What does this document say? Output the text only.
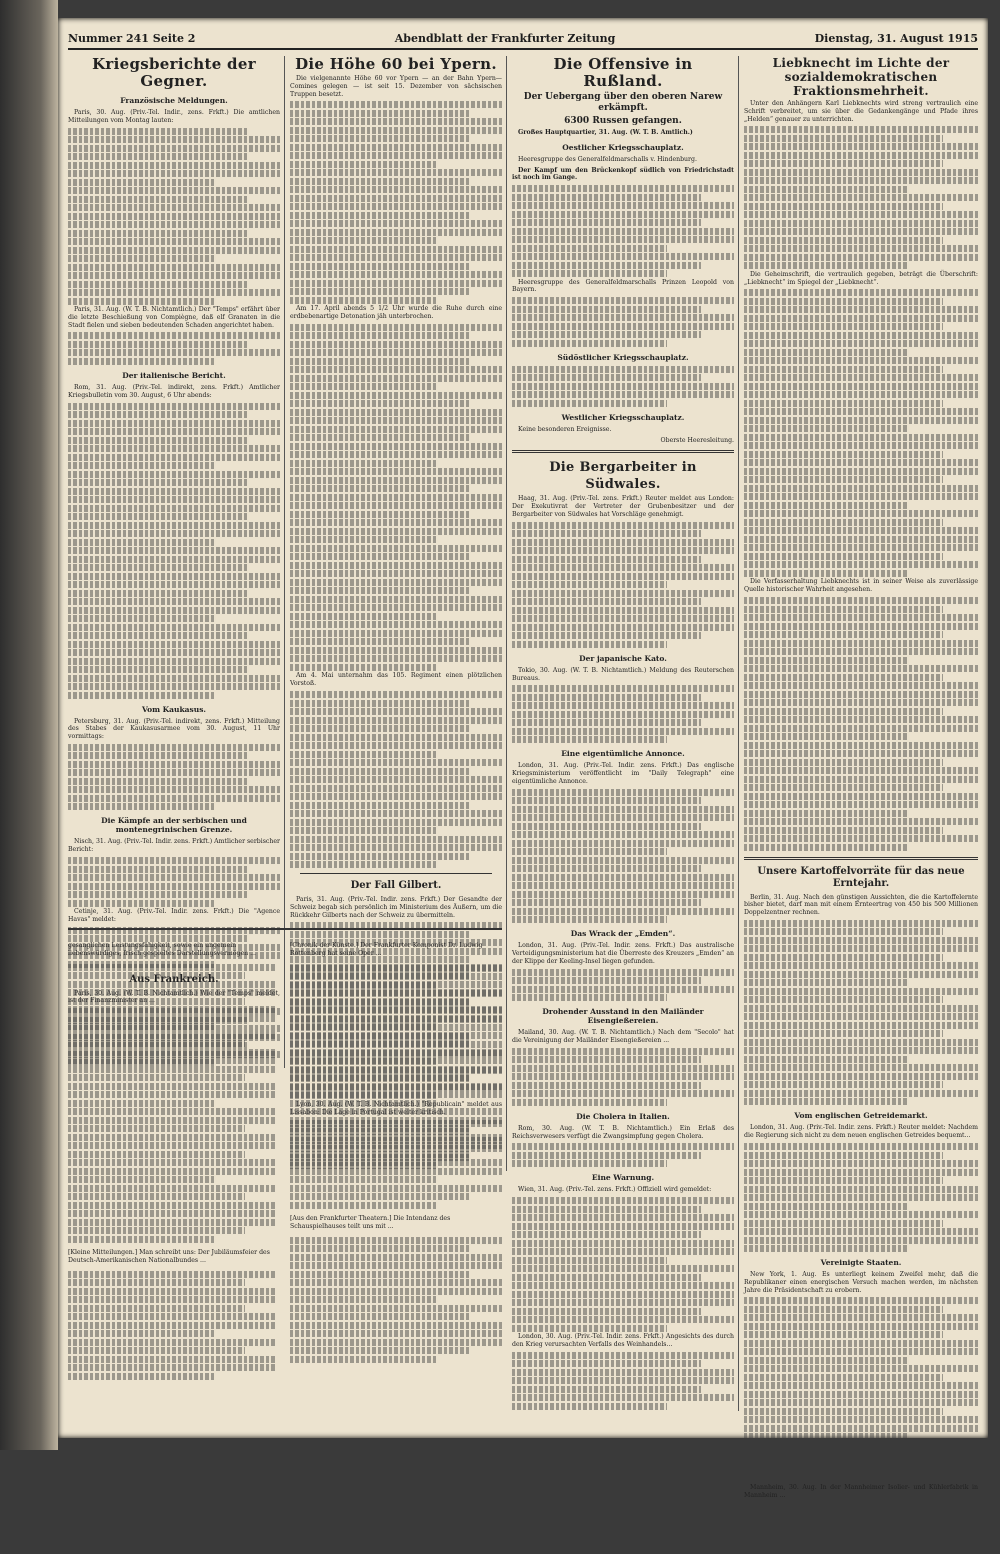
Nummer 241 Seite 2	Abendblatt der Frankfurter Zeitung	Dienstag, 31. August 1915
Kriegsberichte der Gegner.
Französische Meldungen.

Paris, 30. Aug. (Priv.-Tel. Indir., zens. Frkft.) Die amtlichen Mitteilungen vom Montag lauten:

Paris, 31. Aug. (W. T. B. Nichtamtlich.) Der "Temps" erfährt über die letzte Beschießung von Compiègne, daß elf Granaten in die Stadt fielen und sieben bedeutenden Schaden angerichtet haben.

Der italienische Bericht.

Rom, 31. Aug. (Priv.-Tel. indirekt, zens. Frkft.) Amtlicher Kriegsbulletin vom 30. August, 6 Uhr abends:

Vom Kaukasus.

Petersburg, 31. Aug. (Priv.-Tel. indirekt, zens. Frkft.) Mitteilung des Stabes der Kaukasusarmee vom 30. August, 11 Uhr vormittags:

Die Kämpfe an der serbischen und montenegrinischen Grenze.

Nisch, 31. Aug. (Priv.-Tel. Indir. zens. Frkft.) Amtlicher serbischer Bericht:

Cetinje, 31. Aug. (Priv.-Tel. Indir. zens. Frkft.) Die "Agence Havas" meldet:

Aus Frankreich.

Paris, 30. Aug. (W. T. B. Nichtamtlich.) Wie der "Temps" meldet, ist der Finanzminister an ...

Die Höhe 60 bei Ypern.

Die vielgenannte Höhe 60 vor Ypern — an der Bahn Ypern—Comines gelegen — ist seit 15. Dezember von sächsischen Truppen besetzt.

Am 17. April abends 5 1/2 Uhr wurde die Ruhe durch eine erdbebenartige Detonation jäh unterbrochen.

Am 4. Mai unternahm das 105. Regiment einen plötzlichen Vorstoß.

Der Fall Gilbert.

Paris, 31. Aug. (Priv.-Tel. Indir. zens. Frkft.) Der Gesandte der Schweiz begab sich persönlich im Ministerium des Äußern, um die Rückkehr Gilberts nach der Schweiz zu übermitteln.

Lyon, 30. Aug. (W. T. B. Nichtamtlich.) "Republicain" meldet aus Lissabon: Die Lage in Portugal ist weiter kritisch.

Die Offensive in Rußland.
Der Uebergang über den oberen Narew erkämpft.
6300 Russen gefangen.

Großes Hauptquartier, 31. Aug. (W. T. B. Amtlich.)

Oestlicher Kriegsschauplatz.

Heeresgruppe des Generalfeldmarschalls v. Hindenburg.

Der Kampf um den Brückenkopf südlich von Friedrichstadt ist noch im Gange.

Heeresgruppe des Generalfeldmarschalls Prinzen Leopold von Bayern.

Südöstlicher Kriegsschauplatz.
Westlicher Kriegsschauplatz.

Keine besonderen Ereignisse.

Oberste Heeresleitung.

Die Bergarbeiter in Südwales.

Haag, 31. Aug. (Priv.-Tel. zens. Frkft.) Reuter meldet aus London: Der Exekutivrat der Vertreter der Grubenbesitzer und der Bergarbeiter von Südwales hat Vorschläge genehmigt.

Der japanische Kato.

Tokio, 30. Aug. (W. T. B. Nichtamtlich.) Meldung des Reuterschen Bureaus.

Eine eigentümliche Annonce.

London, 31. Aug. (Priv.-Tel. Indir. zens. Frkft.) Das englische Kriegsministerium veröffentlicht im "Daily Telegraph" eine eigentümliche Annonce.

Das Wrack der „Emden“.

London, 31. Aug. (Priv.-Tel. Indir. zens. Frkft.) Das australische Verteidigungsministerium hat die Überreste des Kreuzers „Emden“ an der Klippe der Keeling-Insel liegen gefunden.

Drohender Ausstand in den Mailänder Eisengießereien.

Mailand, 30. Aug. (W. T. B. Nichtamtlich.) Nach dem "Secolo" hat die Vereinigung der Mailänder Eisengießereien ...

Die Cholera in Italien.

Rom, 30. Aug. (W. T. B. Nichtamtlich.) Ein Erlaß des Reichsverwesers verfügt die Zwangsimpfung gegen Cholera.

Eine Warnung.

Wien, 31. Aug. (Priv.-Tel. zens. Frkft.) Offiziell wird gemeldet:

London, 30. Aug. (Priv.-Tel. Indir. zens. Frkft.) Angesichts des durch den Krieg verursachten Verfalls des Weinhandels...

Liebknecht im Lichte der sozialdemokratischen Fraktionsmehrheit.

Unter den Anhängern Karl Liebknechts wird streng vertraulich eine Schrift verbreitet, um sie über die Gedankengänge und Pfade ihres „Helden“ genauer zu unterrichten.

Die Geheimschrift, die vertraulich gegeben, beträgt die Überschrift: „Liebknecht“ im Spiegel der „Liebknecht“.

Die Verfasserhaltung Liebknechts ist in seiner Weise als zuverlässige Quelle historischer Wahrheit angesehen.

Unsere Kartoffelvorräte für das neue Erntejahr.

Berlin, 31. Aug. Nach den günstigen Aussichten, die die Kartoffelernte bisher bietet, darf man mit einem Ernteertrag von 450 bis 500 Millionen Doppelzentner rechnen.

Vom englischen Getreidemarkt.

London, 31. Aug. (Priv.-Tel. Indir. zens. Frkft.) Reuter meldet: Nachdem die Regierung sich nicht zu dem neuen englischen Getreides bequemt...

Vereinigte Staaten.

New York, 1. Aug. Es unterliegt keinem Zweifel mehr, daß die Republikaner einen energischen Versuch machen werden, im nächsten Jahre die Präsidentschaft zu erobern.

Mannheim, 30. Aug. In der Mannheimer Isolier- und Kühlerfabrik in Mannheim ...

gesanglichen Leistungsfähigkeit, sowie ein ungemein liebenswürdiges, frisch gespieltes Darstellungsvermögen ...

[Kleine Mitteilungen.] Man schreibt uns: Der Jubiläumsfeier des Deutsch-Amerikanischen Nationalbundes ...

[Chronik der Künste.] Der Frankfurter Komponist Dr. Ludwig Rottenberg hat seine Oper ...

[Aus den Frankfurter Theatern.] Die Intendanz des Schauspielhauses teilt uns mit ...
